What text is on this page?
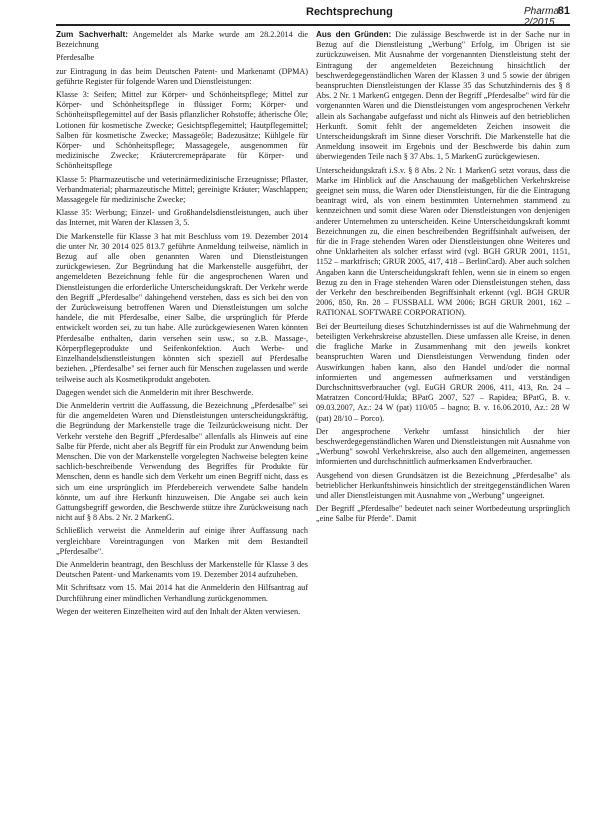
Rechtsprechung	Pharma 2/2015
81

Zum Sachverhalt: Angemeldet als Marke wurde am 28.2.2014 die Bezeichnung

Pferdesalbe

zur Eintragung in das beim Deutschen Patent- und Markenamt (DPMA) geführte Register für folgende Waren und Dienstleistungen:

Klasse 3: Seifen; Mittel zur Körper- und Schönheitspflege; Mittel zur Körper- und Schönheitspflege in flüssiger Form; Körper- und Schönheitspflegemittel auf der Basis pflanzlicher Rohstoffe; ätherische Öle; Lotionen für kosmetische Zwecke; Gesichtspflegemittel; Hautpflegemittel; Salben für kosmetische Zwecke; Massageöle; Badezusätze; Kühlgele für Körper- und Schönheitspflege; Massagegele, ausgenommen für medizinische Zwecke; Kräutercremepräparate für Körper- und Schönheitspflege

Klasse 5: Pharmazeutische und veterinärmedizinische Erzeugnisse; Pflaster, Verbandmaterial; pharmazeutische Mittel; gereinigte Kräuter; Waschlappen; Massagegele für medizinische Zwecke;

Klasse 35: Werbung; Einzel- und Großhandelsdienstleistungen, auch über das Internet, mit Waren der Klassen 3, 5.

Die Markenstelle für Klasse 3 hat mit Beschluss vom 19. Dezember 2014 die unter Nr. 30 2014 025 813.7 geführte Anmeldung teilweise, nämlich in Bezug auf alle oben genannten Waren und Dienstleistungen zurückgewiesen. Zur Begründung hat die Markenstelle ausgeführt, der angemeldeten Bezeichnung fehle für die angesprochenen Waren und Dienstleistungen die erforderliche Unterscheidungskraft. Der Verkehr werde den Begriff „Pferdesalbe" dahingehend verstehen, dass es sich bei den von der Zurückweisung betroffenen Waren und Dienstleistungen um solche handele, die mit Pferdesalbe, einer Salbe, die ursprünglich für Pferde entwickelt worden sei, zu tun habe. Alle zurückgewiesenen Waren könnten Pferdesalbe enthalten, darin versehen sein usw., so z.B. Massage-, Körperpflegeprodukte und Seifenkonfektion. Auch Werbe- und Einzelhandelsdienstleistungen könnten sich speziell auf Pferdesalbe beziehen. „Pferdesalbe" sei ferner auch für Menschen zugelassen und werde teilweise auch als Kosmetikprodukt angeboten.

Dagegen wendet sich die Anmelderin mit ihrer Beschwerde.

Die Anmelderin vertritt die Auffassung, die Bezeichnung „Pferdesalbe" sei für die angemeldeten Waren und Dienstleistungen unterscheidungskräftig, die Begründung der Markenstelle trage die Teilzurückweisung nicht. Der Verkehr verstehe den Begriff „Pferdesalbe" allenfalls als Hinweis auf eine Salbe für Pferde, nicht aber als Begriff für ein Produkt zur Anwendung beim Menschen. Die von der Markenstelle vorgelegten Nachweise belegten keine sachlich-beschreibende Verwendung des Begriffes für Produkte für Menschen, denn es handle sich dem Verkehr um einen Begriff nicht, dass es sich um eine ursprünglich im Pferdebereich verwendete Salbe handeln könnte, um auf ihre Herkunft hinzuweisen. Die Angabe sei auch kein Gattungsbegriff geworden, die Beschwerde stütze ihre Zurückweisung nach nicht auf § 8 Abs. 2 Nr. 2 MarkenG.

Schließlich verweist die Anmelderin auf einige ihrer Auffassung nach vergleichbare Voreintragungen von Marken mit dem Bestandteil „Pferdesalbe".

Die Anmelderin beantragt, den Beschluss der Markenstelle für Klasse 3 des Deutschen Patent- und Markenamts vom 19. Dezember 2014 aufzuheben.

Mit Schriftsatz vom 15. Mai 2014 hat die Anmelderin den Hilfsantrag auf Durchführung einer mündlichen Verhandlung zurückgenommen.

Wegen der weiteren Einzelheiten wird auf den Inhalt der Akten verwiesen.

Aus den Gründen: Die zulässige Beschwerde ist in der Sache nur in Bezug auf die Dienstleistung „Werbung" Erfolg, im Übrigen ist sie zurückzuweisen. Mit Ausnahme der vorgenannten Dienstleistung steht der Eintragung der angemeldeten Bezeichnung hinsichtlich der beschwerdegegenständlichen Waren der Klassen 3 und 5 sowie der übrigen beanspruchten Dienstleistungen der Klasse 35 das Schutzhindernis des § 8 Abs. 2 Nr. 1 MarkenG entgegen. Denn der Begriff „Pferdesalbe" wird für die vorgenannten Waren und die Dienstleistungen vom angesprochenen Verkehr allein als Sachangabe aufgefasst und nicht als Hinweis auf den betrieblichen Herkunft. Somit fehlt der angemeldeten Zeichen insoweit die Unterscheidungskraft im Sinne dieser Vorschrift. Die Markenstelle hat die Anmeldung insoweit im Ergebnis und der Beschwerde bis dahin zum überwiegenden Teile nach § 37 Abs. 1, 5 MarkenG zurückgewiesen.

Unterscheidungskraft i.S.v. § 8 Abs. 2 Nr. 1 MarkenG setzt voraus, dass die Marke im Hinblick auf die Anschauung der maßgeblichen Verkehrskreise geeignet sein muss, die Waren oder Dienstleistungen, für die die Eintragung beantragt wird, als von einem bestimmten Unternehmen stammend zu kennzeichnen und somit diese Waren oder Dienstleistungen von denjenigen anderer Unternehmen zu unterscheiden. Keine Unterscheidungskraft kommt Bezeichnungen zu, die einen beschreibenden Begriffsinhalt aufweisen, der für die in Frage stehenden Waren oder Dienstleistungen ohne Weiteres und ohne Unklarheiten als solcher erfasst wird (vgl. BGH GRUR 2001, 1151, 1152 – marktfrisch; GRUR 2005, 417, 418 – BerlinCard). Aber auch solchen Angaben kann die Unterscheidungskraft fehlen, wenn sie in einem so engen Bezug zu den in Frage stehenden Waren oder Dienstleistungen stehen, dass der Verkehr den beschreibenden Begriffsinhalt erkennt (vgl. BGH GRUR 2006, 850, Rn. 28 – FUSSBALL WM 2006; BGH GRUR 2001, 162 – RATIONAL SOFTWARE CORPORATION).

Bei der Beurteilung dieses Schutzhindernisses ist auf die Wahrnehmung der beteiligten Verkehrskreise abzustellen. Diese umfassen alle Kreise, in denen die fragliche Marke in Zusammenhang mit den jeweils konkret beanspruchten Waren und Dienstleistungen Verwendung finden oder Auswirkungen haben kann, also den Handel und/oder die normal informierten und angemessen aufmerksamen und verständigen Durchschnittsverbraucher (vgl. EuGH GRUR 2006, 411, 413, Rn. 24 – Matratzen Concord/Hukla; BPatG 2007, 527 – Rapidea; BPatG, B. v. 09.03.2007, Az.: 24 W (pat) 110/05 – bagno; B. v. 16.06.2010, Az.: 28 W (pat) 28/10 – Porco).

Der angesprochene Verkehr umfasst hinsichtlich der hier beschwerdegegenständlichen Waren und Dienstleistungen mit Ausnahme von „Werbung" sowohl Verkehrskreise, also auch den allgemeinen, angemessen informierten und durchschnittlich aufmerksamen Endverbraucher.

Ausgehend von diesen Grundsätzen ist die Bezeichnung „Pferdesalbe" als betrieblicher Herkunftshinweis hinsichtlich der streitgegenständlichen Waren und aller Dienstleistungen mit Ausnahme von „Werbung" ungeeignet.

Der Begriff „Pferdesalbe" bedeutet nach seiner Wortbedeutung ursprünglich „eine Salbe für Pferde". Damit
